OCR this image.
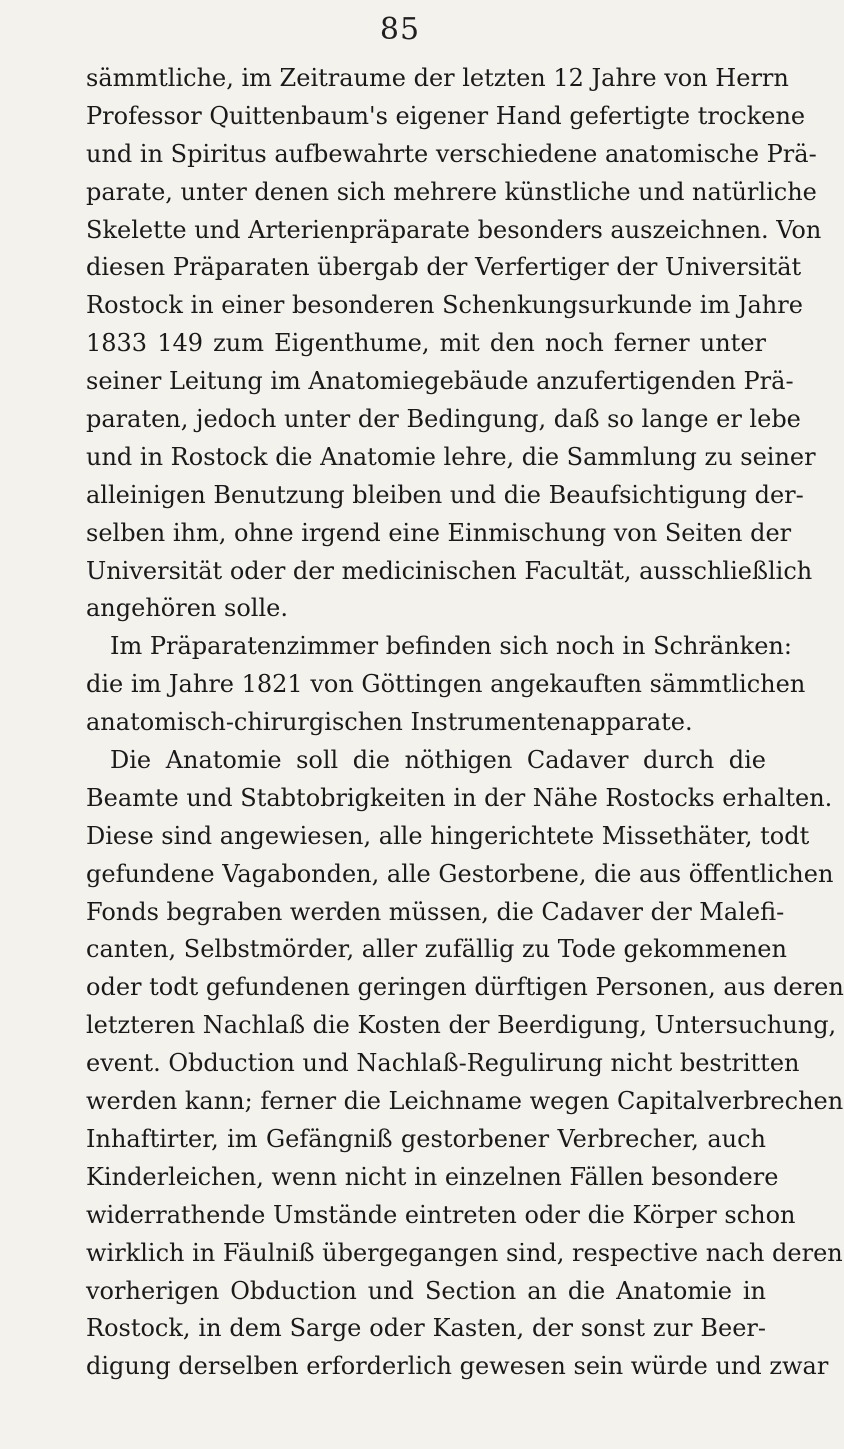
85
sämmtliche, im Zeitraume der letzten 12 Jahre von Herrn
Professor Quittenbaum's eigener Hand gefertigte trockene
und in Spiritus aufbewahrte verschiedene anatomische Prä-
parate, unter denen sich mehrere künstliche und natürliche
Skelette und Arterienpräparate besonders auszeichnen. Von
diesen Präparaten übergab der Verfertiger der Universität
Rostock in einer besonderen Schenkungsurkunde im Jahre
1833 149 zum Eigenthume, mit den noch ferner unter
seiner Leitung im Anatomiegebäude anzufertigenden Prä-
paraten, jedoch unter der Bedingung, daß so lange er lebe
und in Rostock die Anatomie lehre, die Sammlung zu seiner
alleinigen Benutzung bleiben und die Beaufsichtigung der-
selben ihm, ohne irgend eine Einmischung von Seiten der
Universität oder der medicinischen Facultät, ausschließlich
angehören solle.
Im Präparatenzimmer befinden sich noch in Schränken:
die im Jahre 1821 von Göttingen angekauften sämmtlichen
anatomisch-chirurgischen Instrumentenapparate.
Die Anatomie soll die nöthigen Cadaver durch die
Beamte und Stabtobrigkeiten in der Nähe Rostocks erhalten.
Diese sind angewiesen, alle hingerichtete Missethäter, todt
gefundene Vagabonden, alle Gestorbene, die aus öffentlichen
Fonds begraben werden müssen, die Cadaver der Malefi-
canten, Selbstmörder, aller zufällig zu Tode gekommenen
oder todt gefundenen geringen dürftigen Personen, aus deren
letzteren Nachlaß die Kosten der Beerdigung, Untersuchung,
event. Obduction und Nachlaß-Regulirung nicht bestritten
werden kann; ferner die Leichname wegen Capitalverbrechen
Inhaftirter, im Gefängniß gestorbener Verbrecher, auch
Kinderleichen, wenn nicht in einzelnen Fällen besondere
widerrathende Umstände eintreten oder die Körper schon
wirklich in Fäulniß übergegangen sind, respective nach deren
vorherigen Obduction und Section an die Anatomie in
Rostock, in dem Sarge oder Kasten, der sonst zur Beer-
digung derselben erforderlich gewesen sein würde und zwar
